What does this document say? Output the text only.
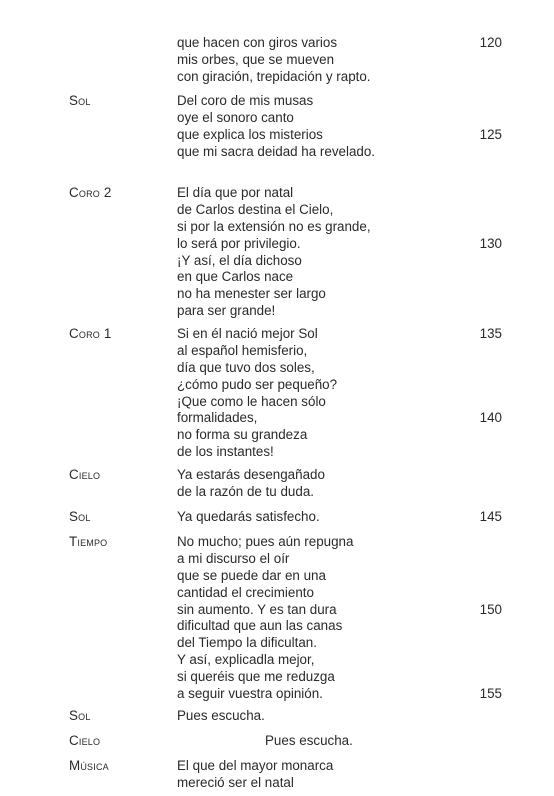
que hacen con giros varios	120
mis orbes, que se mueven
con giración, trepidación y rapto.
Sol	Del coro de mis musas
oye el sonoro canto
que explica los misterios	125
que mi sacra deidad ha revelado.
Coro 2	El día que por natal
de Carlos destina el Cielo,
si por la extensión no es grande,
lo será por privilegio.	130
¡Y así, el día dichoso
en que Carlos nace
no ha menester ser largo
para ser grande!
Coro 1	Si en él nació mejor Sol	135
al español hemisferio,
día que tuvo dos soles,
¿cómo pudo ser pequeño?
¡Que como le hacen sólo
formalidades,	140
no forma su grandeza
de los instantes!
Cielo	Ya estarás desengañado
de la razón de tu duda.
Sol	Ya quedarás satisfecho.	145
Tiempo	No mucho; pues aún repugna
a mi discurso el oír
que se puede dar en una
cantidad el crecimiento
sin aumento. Y es tan dura	150
dificultad que aun las canas
del Tiempo la dificultan.
Y así, explicadla mejor,
si queréis que me reduzga
a seguir vuestra opinión.	155
Sol	Pues escucha.
Cielo	Pues escucha.
Música	El que del mayor monarca
mereció ser el natal
